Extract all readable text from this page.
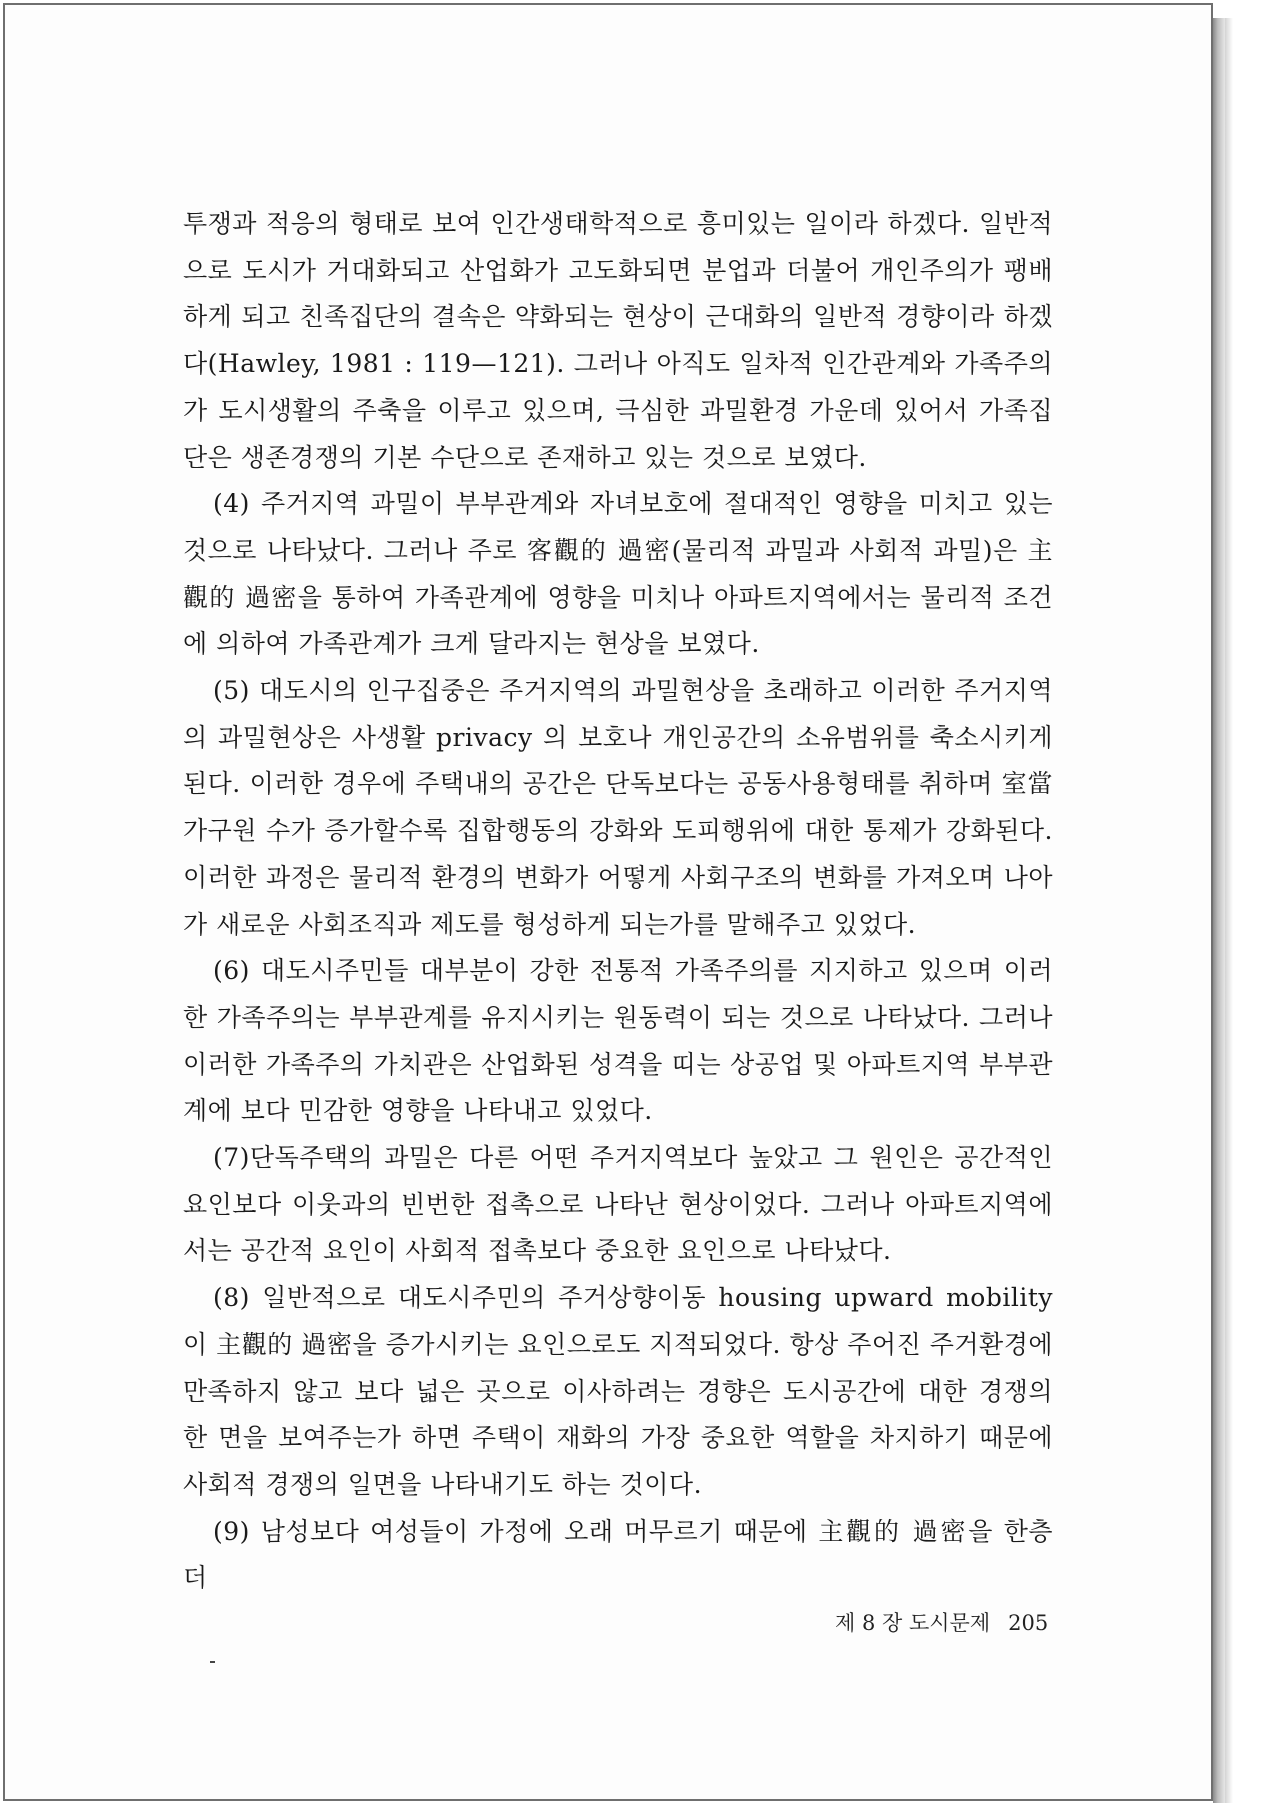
투쟁과 적응의 형태로 보여 인간생태학적으로 흥미있는 일이라 하겠다. 일반적으로 도시가 거대화되고 산업화가 고도화되면 분업과 더불어 개인주의가 팽배하게 되고 친족집단의 결속은 약화되는 현상이 근대화의 일반적 경향이라 하겠다(Hawley, 1981 : 119—121). 그러나 아직도 일차적 인간관계와 가족주의가 도시생활의 주축을 이루고 있으며, 극심한 과밀환경 가운데 있어서 가족집단은 생존경쟁의 기본 수단으로 존재하고 있는 것으로 보였다.

(4) 주거지역 과밀이 부부관계와 자녀보호에 절대적인 영향을 미치고 있는 것으로 나타났다. 그러나 주로 客觀的 過密(물리적 과밀과 사회적 과밀)은 主觀的 過密을 통하여 가족관계에 영향을 미치나 아파트지역에서는 물리적 조건에 의하여 가족관계가 크게 달라지는 현상을 보였다.

(5) 대도시의 인구집중은 주거지역의 과밀현상을 초래하고 이러한 주거지역의 과밀현상은 사생활 privacy 의 보호나 개인공간의 소유범위를 축소시키게 된다. 이러한 경우에 주택내의 공간은 단독보다는 공동사용형태를 취하며 室當 가구원 수가 증가할수록 집합행동의 강화와 도피행위에 대한 통제가 강화된다. 이러한 과정은 물리적 환경의 변화가 어떻게 사회구조의 변화를 가져오며 나아가 새로운 사회조직과 제도를 형성하게 되는가를 말해주고 있었다.

(6) 대도시주민들 대부분이 강한 전통적 가족주의를 지지하고 있으며 이러한 가족주의는 부부관계를 유지시키는 원동력이 되는 것으로 나타났다. 그러나 이러한 가족주의 가치관은 산업화된 성격을 띠는 상공업 및 아파트지역 부부관계에 보다 민감한 영향을 나타내고 있었다.

(7)단독주택의 과밀은 다른 어떤 주거지역보다 높았고 그 원인은 공간적인 요인보다 이웃과의 빈번한 접촉으로 나타난 현상이었다. 그러나 아파트지역에서는 공간적 요인이 사회적 접촉보다 중요한 요인으로 나타났다.

(8) 일반적으로 대도시주민의 주거상향이동 housing upward mobility 이 主觀的 過密을 증가시키는 요인으로도 지적되었다. 항상 주어진 주거환경에 만족하지 않고 보다 넓은 곳으로 이사하려는 경향은 도시공간에 대한 경쟁의 한 면을 보여주는가 하면 주택이 재화의 가장 중요한 역할을 차지하기 때문에 사회적 경쟁의 일면을 나타내기도 하는 것이다.

(9) 남성보다 여성들이 가정에 오래 머무르기 때문에 主觀的 過密을 한층 더

제 8 장 도시문제 205
